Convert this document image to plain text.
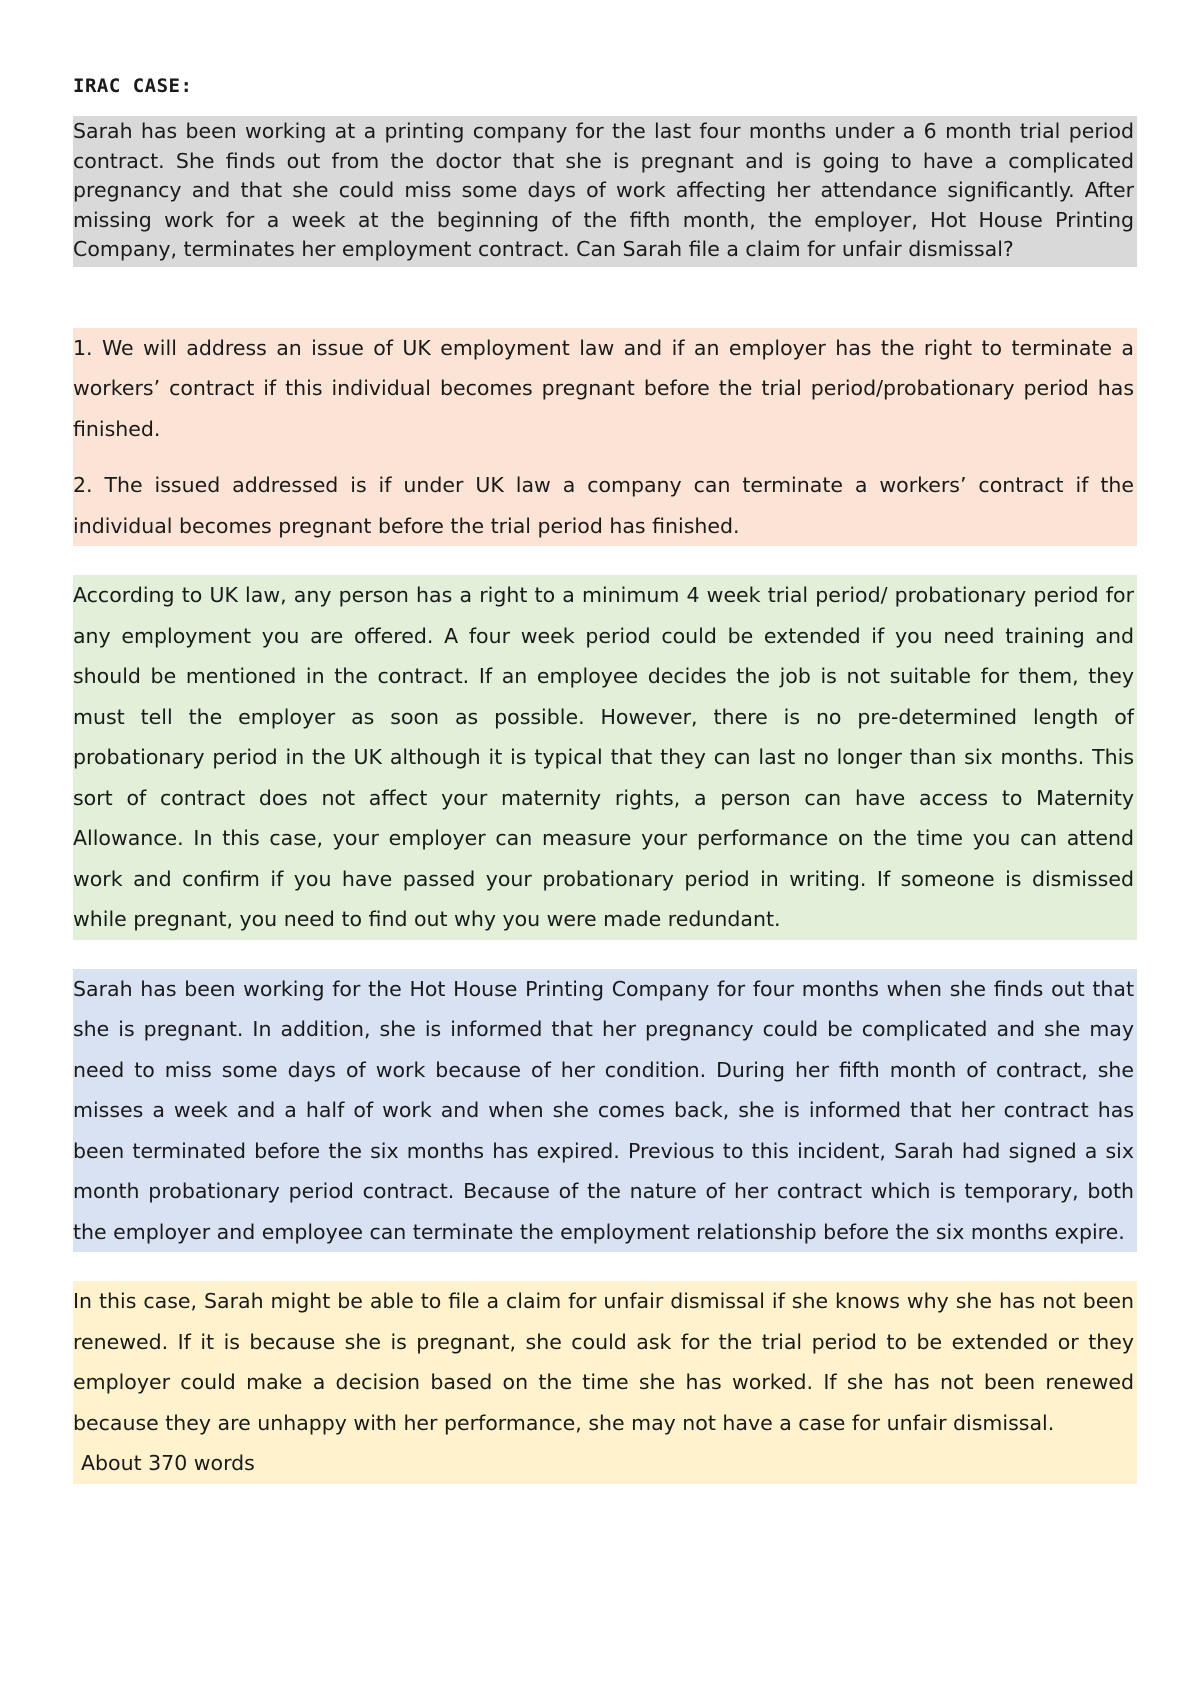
IRAC CASE:
Sarah has been working at a printing company for the last four months under a 6 month trial period contract. She finds out from the doctor that she is pregnant and is going to have a complicated pregnancy and that she could miss some days of work affecting her attendance significantly. After missing work for a week at the beginning of the fifth month, the employer, Hot House Printing Company, terminates her employment contract. Can Sarah file a claim for unfair dismissal?

1. We will address an issue of UK employment law and if an employer has the right to terminate a workers’ contract if this individual becomes pregnant before the trial period/probationary period has finished.

2. The issued addressed is if under UK law a company can terminate a workers’ contract if the individual becomes pregnant before the trial period has finished.

According to UK law, any person has a right to a minimum 4 week trial period/ probationary period for any employment you are offered. A four week period could be extended if you need training and should be mentioned in the contract. If an employee decides the job is not suitable for them, they must tell the employer as soon as possible. However, there is no pre-determined length of probationary period in the UK although it is typical that they can last no longer than six months. This sort of contract does not affect your maternity rights, a person can have access to Maternity Allowance. In this case, your employer can measure your performance on the time you can attend work and confirm if you have passed your probationary period in writing. If someone is dismissed while pregnant, you need to find out why you were made redundant.
Sarah has been working for the Hot House Printing Company for four months when she finds out that she is pregnant. In addition, she is informed that her pregnancy could be complicated and she may need to miss some days of work because of her condition. During her fifth month of contract, she misses a week and a half of work and when she comes back, she is informed that her contract has been terminated before the six months has expired. Previous to this incident, Sarah had signed a six month probationary period contract. Because of the nature of her contract which is temporary, both the employer and employee can terminate the employment relationship before the six months expire.

In this case, Sarah might be able to file a claim for unfair dismissal if she knows why she has not been renewed. If it is because she is pregnant, she could ask for the trial period to be extended or they employer could make a decision based on the time she has worked. If she has not been renewed because they are unhappy with her performance, she may not have a case for unfair dismissal.

About 370 words
